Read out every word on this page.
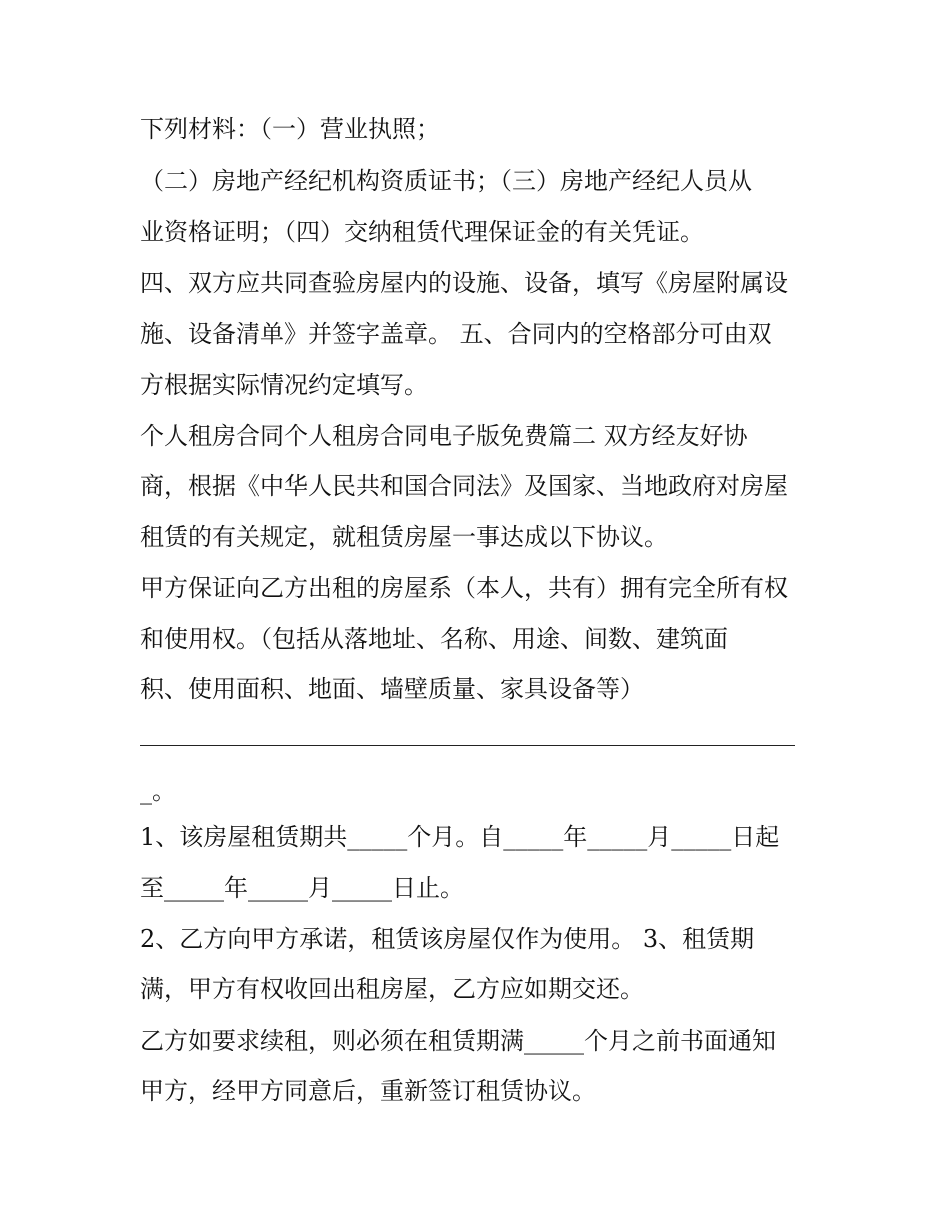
下列材料：（一）营业执照；

（二）房地产经纪机构资质证书；（三）房地产经纪人员从

业资格证明；（四）交纳租赁代理保证金的有关凭证。

四、双方应共同查验房屋内的设施、设备，填写《房屋附属设

施、设备清单》并签字盖章。 五、合同内的空格部分可由双

方根据实际情况约定填写。

个人租房合同个人租房合同电子版免费篇二 双方经友好协

商，根据《中华人民共和国合同法》及国家、当地政府对房屋

租赁的有关规定，就租赁房屋一事达成以下协议。

甲方保证向乙方出租的房屋系（本人，共有）拥有完全所有权

和使用权。（包括从落地址、名称、用途、间数、建筑面

积、使用面积、地面、墙壁质量、家具设备等）

_。

1、该房屋租赁期共_____个月。自_____年_____月_____日起

至_____年_____月_____日止。

2、乙方向甲方承诺，租赁该房屋仅作为使用。 3、租赁期

满，甲方有权收回出租房屋，乙方应如期交还。

乙方如要求续租，则必须在租赁期满_____个月之前书面通知

甲方，经甲方同意后，重新签订租赁协议。
